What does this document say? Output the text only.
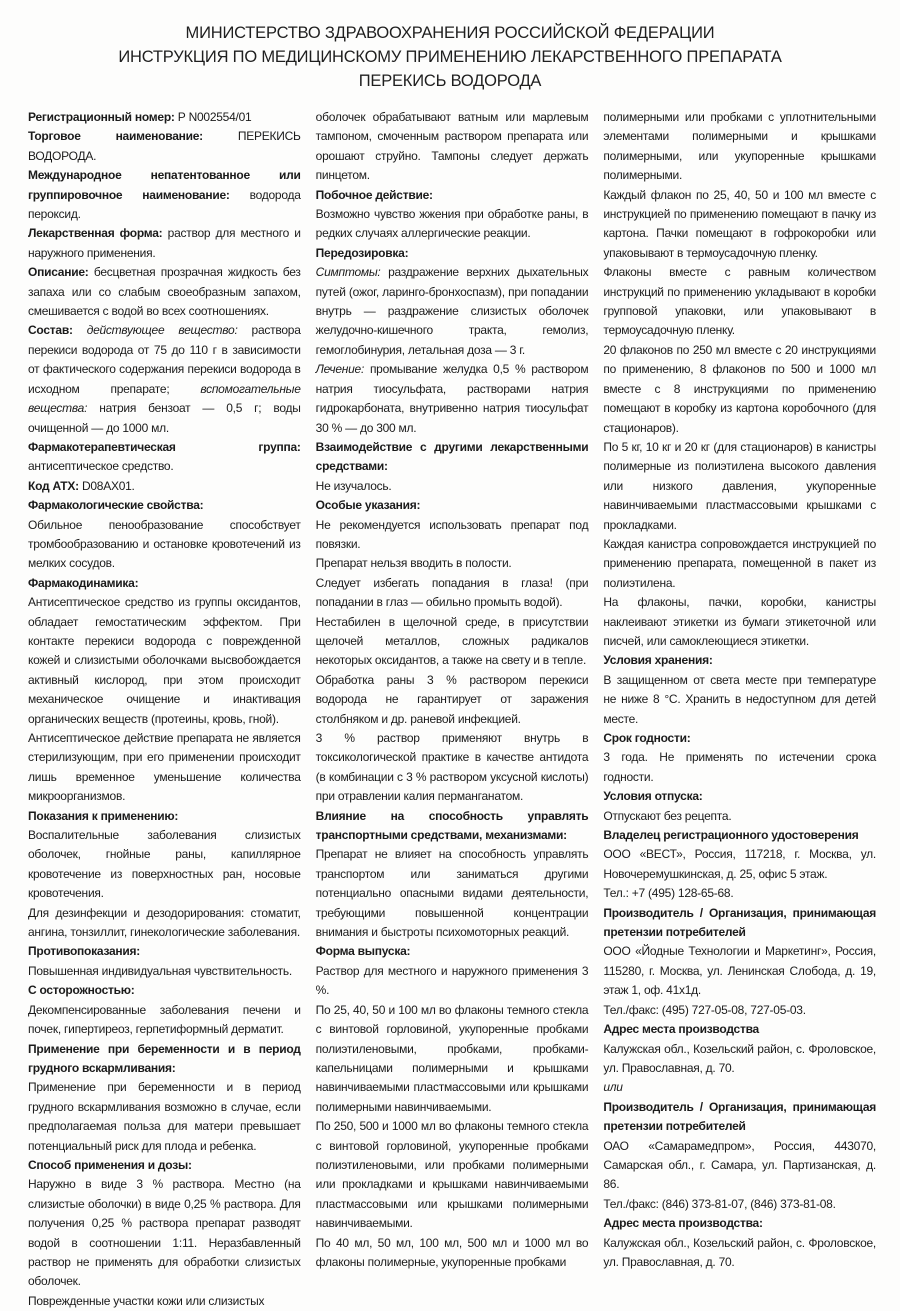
МИНИСТЕРСТВО ЗДРАВООХРАНЕНИЯ РОССИЙСКОЙ ФЕДЕРАЦИИ
ИНСТРУКЦИЯ ПО МЕДИЦИНСКОМУ ПРИМЕНЕНИЮ ЛЕКАРСТВЕННОГО ПРЕПАРАТА
ПЕРЕКИСЬ ВОДОРОДА

Регистрационный номер: Р N002554/01

Торговое наименование: ПЕРЕКИСЬ ВОДОРОДА.

Международное непатентованное или группировочное наименование: водорода пероксид.

Лекарственная форма: раствор для местного и наружного применения.

Описание: бесцветная прозрачная жидкость без запаха или со слабым своеобразным запахом, смешивается с водой во всех соотношениях.

Состав: действующее вещество: раствора перекиси водорода от 75 до 110 г в зависимости от фактического содержания перекиси водорода в исходном препарате; вспомогательные вещества: натрия бензоат — 0,5 г; воды очищенной — до 1000 мл.

Фармакотерапевтическая группа: антисептическое средство.

Код АТХ: D08AX01.

Фармакологические свойства:

Обильное пенообразование способствует тромбообразованию и остановке кровотечений из мелких сосудов.

Фармакодинамика:

Антисептическое средство из группы оксидантов, обладает гемостатическим эффектом. При контакте перекиси водорода с поврежденной кожей и слизистыми оболочками высвобождается активный кислород, при этом происходит механическое очищение и инактивация органических веществ (протеины, кровь, гной).

Антисептическое действие препарата не является стерилизующим, при его применении происходит лишь временное уменьшение количества микроорганизмов.

Показания к применению:

Воспалительные заболевания слизистых оболочек, гнойные раны, капиллярное кровотечение из поверхностных ран, носовые кровотечения.

Для дезинфекции и дезодорирования: стоматит, ангина, тонзиллит, гинекологические заболевания.

Противопоказания:

Повышенная индивидуальная чувствительность.

С осторожностью:

Декомпенсированные заболевания печени и почек, гипертиреоз, герпетиформный дерматит.

Применение при беременности и в период грудного вскармливания:

Применение при беременности и в период грудного вскармливания возможно в случае, если предполагаемая польза для матери превышает потенциальный риск для плода и ребенка.

Способ применения и дозы:

Наружно в виде 3 % раствора. Местно (на слизистые оболочки) в виде 0,25 % раствора. Для получения 0,25 % раствора препарат разводят водой в соотношении 1:11. Неразбавленный раствор не применять для обработки слизистых оболочек.

Поврежденные участки кожи или слизистых

оболочек обрабатывают ватным или марлевым тампоном, смоченным раствором препарата или орошают струйно. Тампоны следует держать пинцетом.

Побочное действие:

Возможно чувство жжения при обработке раны, в редких случаях аллергические реакции.

Передозировка:

Симптомы: раздражение верхних дыхательных путей (ожог, ларинго-бронхоспазм), при попадании внутрь — раздражение слизистых оболочек желудочно-кишечного тракта, гемолиз, гемоглобинурия, летальная доза — 3 г.

Лечение: промывание желудка 0,5 % раствором натрия тиосульфата, растворами натрия гидрокарбоната, внутривенно натрия тиосульфат 30 % — до 300 мл.

Взаимодействие с другими лекарственными средствами:

Не изучалось.

Особые указания:

Не рекомендуется использовать препарат под повязки.

Препарат нельзя вводить в полости.

Следует избегать попадания в глаза! (при попадании в глаз — обильно промыть водой).

Нестабилен в щелочной среде, в присутствии щелочей металлов, сложных радикалов некоторых оксидантов, а также на свету и в тепле.

Обработка раны 3 % раствором перекиси водорода не гарантирует от заражения столбняком и др. раневой инфекцией.

3 % раствор применяют внутрь в токсикологической практике в качестве антидота (в комбинации с 3 % раствором уксусной кислоты) при отравлении калия перманганатом.

Влияние на способность управлять транспортными средствами, механизмами:

Препарат не влияет на способность управлять транспортом или заниматься другими потенциально опасными видами деятельности, требующими повышенной концентрации внимания и быстроты психомоторных реакций.

Форма выпуска:

Раствор для местного и наружного применения 3 %.

По 25, 40, 50 и 100 мл во флаконы темного стекла с винтовой горловиной, укупоренные пробками полиэтиленовыми, пробками, пробками-капельницами полимерными и крышками навинчиваемыми пластмассовыми или крышками полимерными навинчиваемыми.

По 250, 500 и 1000 мл во флаконы темного стекла с винтовой горловиной, укупоренные пробками полиэтиленовыми, или пробками полимерными или прокладками и крышками навинчиваемыми пластмассовыми или крышками полимерными навинчиваемыми.

По 40 мл, 50 мл, 100 мл, 500 мл и 1000 мл во флаконы полимерные, укупоренные пробками

полимерными или пробками с уплотнительными элементами полимерными и крышками полимерными, или укупоренные крышками полимерными.

Каждый флакон по 25, 40, 50 и 100 мл вместе с инструкцией по применению помещают в пачку из картона. Пачки помещают в гофрокоробки или упаковывают в термоусадочную пленку.

Флаконы вместе с равным количеством инструкций по применению укладывают в коробки групповой упаковки, или упаковывают в термоусадочную пленку.

20 флаконов по 250 мл вместе с 20 инструкциями по применению, 8 флаконов по 500 и 1000 мл вместе с 8 инструкциями по применению помещают в коробку из картона коробочного (для стационаров).

По 5 кг, 10 кг и 20 кг (для стационаров) в канистры полимерные из полиэтилена высокого давления или низкого давления, укупоренные навинчиваемыми пластмассовыми крышками с прокладками.

Каждая канистра сопровождается инструкцией по применению препарата, помещенной в пакет из полиэтилена.

На флаконы, пачки, коробки, канистры наклеивают этикетки из бумаги этикеточной или писчей, или самоклеющиеся этикетки.

Условия хранения:

В защищенном от света месте при температуре не ниже 8 °С. Хранить в недоступном для детей месте.

Срок годности:

3 года. Не применять по истечении срока годности.

Условия отпуска:

Отпускают без рецепта.

Владелец регистрационного удостоверения

ООО «ВЕСТ», Россия, 117218, г. Москва, ул. Новочеремушкинская, д. 25, офис 5 этаж.

Тел.: +7 (495) 128-65-68.

Производитель / Организация, принимающая претензии потребителей

ООО «Йодные Технологии и Маркетинг», Россия, 115280, г. Москва, ул. Ленинская Слобода, д. 19, этаж 1, оф. 41х1д.

Тел./факс: (495) 727-05-08, 727-05-03.

Адрес места производства

Калужская обл., Козельский район, с. Фроловское, ул. Православная, д. 70.

или

Производитель / Организация, принимающая претензии потребителей

ОАО «Самарамедпром», Россия, 443070, Самарская обл., г. Самара, ул. Партизанская, д. 86.

Тел./факс: (846) 373-81-07, (846) 373-81-08.

Адрес места производства:

Калужская обл., Козельский район, с. Фроловское, ул. Православная, д. 70.
